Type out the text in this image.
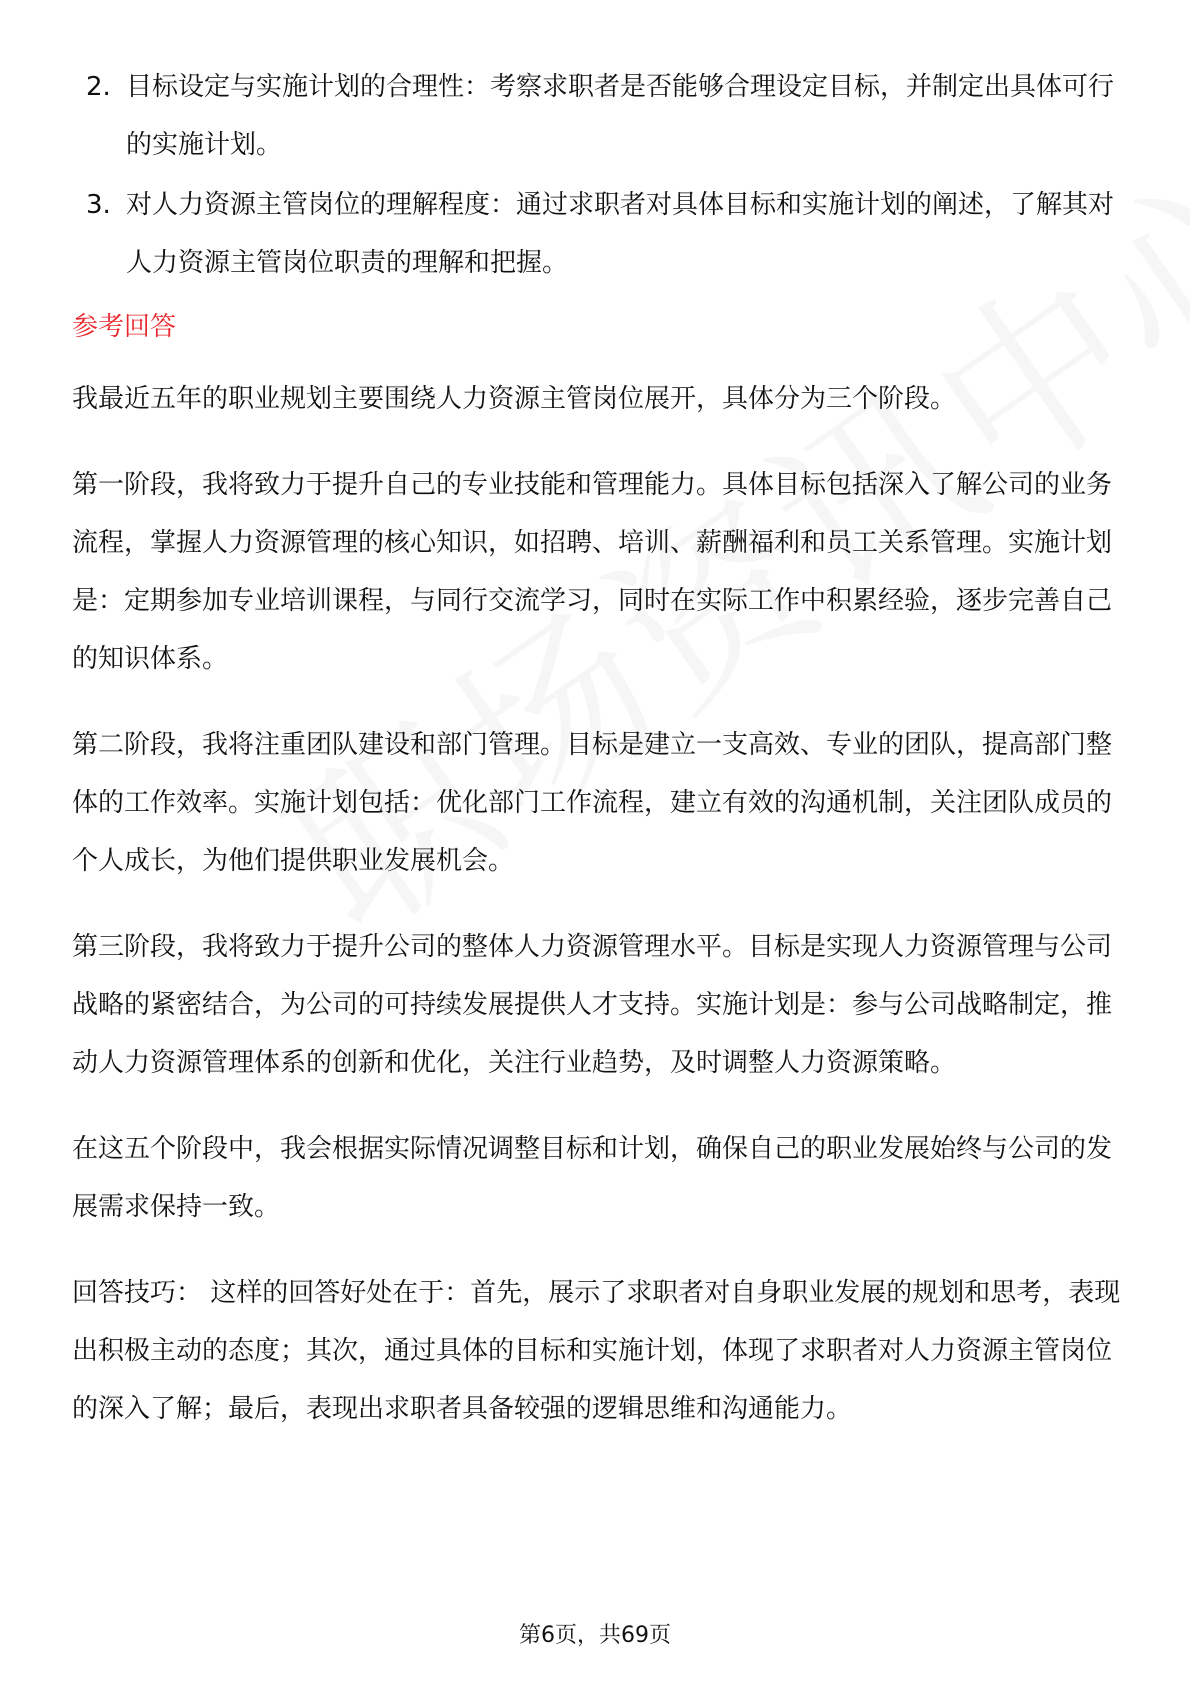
2. 目标设定与实施计划的合理性：考察求职者是否能够合理设定目标，并制定出具体可行的实施计划。
3. 对人力资源主管岗位的理解程度：通过求职者对具体目标和实施计划的阐述，了解其对人力资源主管岗位职责的理解和把握。
参考回答

我最近五年的职业规划主要围绕人力资源主管岗位展开，具体分为三个阶段。

第一阶段，我将致力于提升自己的专业技能和管理能力。具体目标包括深入了解公司的业务流程，掌握人力资源管理的核心知识，如招聘、培训、薪酬福利和员工关系管理。实施计划是：定期参加专业培训课程，与同行交流学习，同时在实际工作中积累经验，逐步完善自己的知识体系。

第二阶段，我将注重团队建设和部门管理。目标是建立一支高效、专业的团队，提高部门整体的工作效率。实施计划包括：优化部门工作流程，建立有效的沟通机制，关注团队成员的个人成长，为他们提供职业发展机会。

第三阶段，我将致力于提升公司的整体人力资源管理水平。目标是实现人力资源管理与公司战略的紧密结合，为公司的可持续发展提供人才支持。实施计划是：参与公司战略制定，推动人力资源管理体系的创新和优化，关注行业趋势，及时调整人力资源策略。

在这五个阶段中，我会根据实际情况调整目标和计划，确保自己的职业发展始终与公司的发展需求保持一致。

回答技巧： 这样的回答好处在于：首先，展示了求职者对自身职业发展的规划和思考，表现出积极主动的态度；其次，通过具体的目标和实施计划，体现了求职者对人力资源主管岗位的深入了解；最后，表现出求职者具备较强的逻辑思维和沟通能力。

第6页，共69页
